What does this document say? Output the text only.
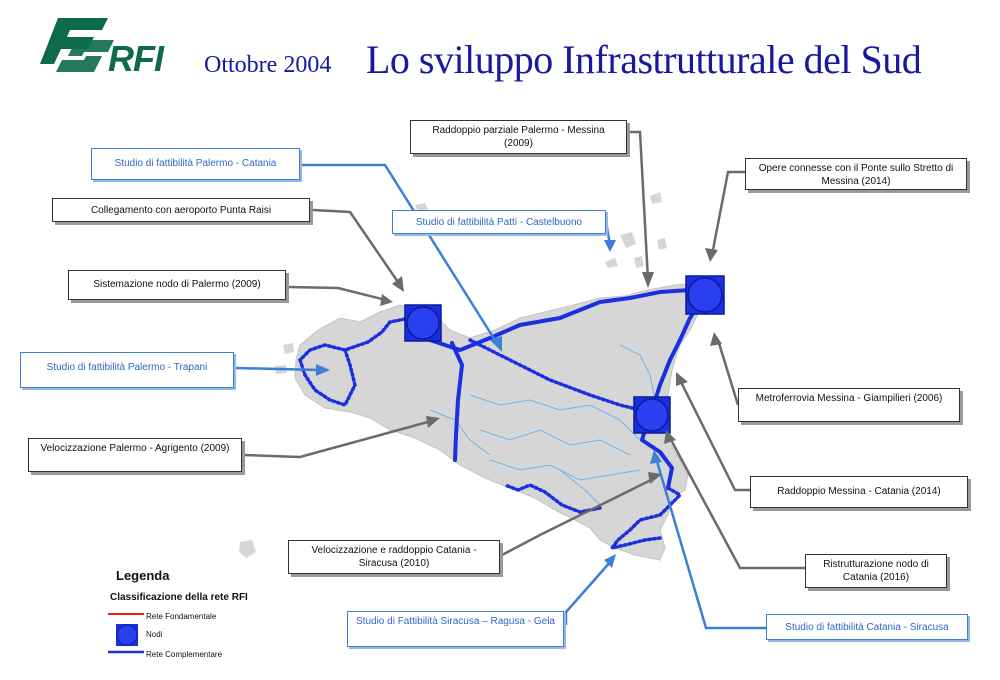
RFI Ottobre 2004 Lo sviluppo Infrastrutturale del Sud
Raddoppio parziale Palermo - Messina (2009)
Studio di fattibilità Palermo - Catania	Opere connesse con il Ponte sullo Stretto di Messina (2014)
Collegamento con aeroporto Punta Raisi
Studio di fattibilità Patti - Castelbuono
Sistemazione nodo di Palermo (2009)
Studio di fattibilità Palermo - Trapani
Metroferrovia Messina - Giampilieri (2006)
Velocizzazione Palermo - Agrigento (2009)
Raddoppio Messina - Catania (2014)
Velocizzazione e raddoppio Catania - Siracusa (2010)	Ristrutturazione nodo di Catania (2016)
Studio di Fattibilità Siracusa – Ragusa - Gela
Studio di fattibilità Catania - Siracusa
Legenda
Classificazione della rete RFI
Rete Fondamentale
Nodi
Rete Complementare
